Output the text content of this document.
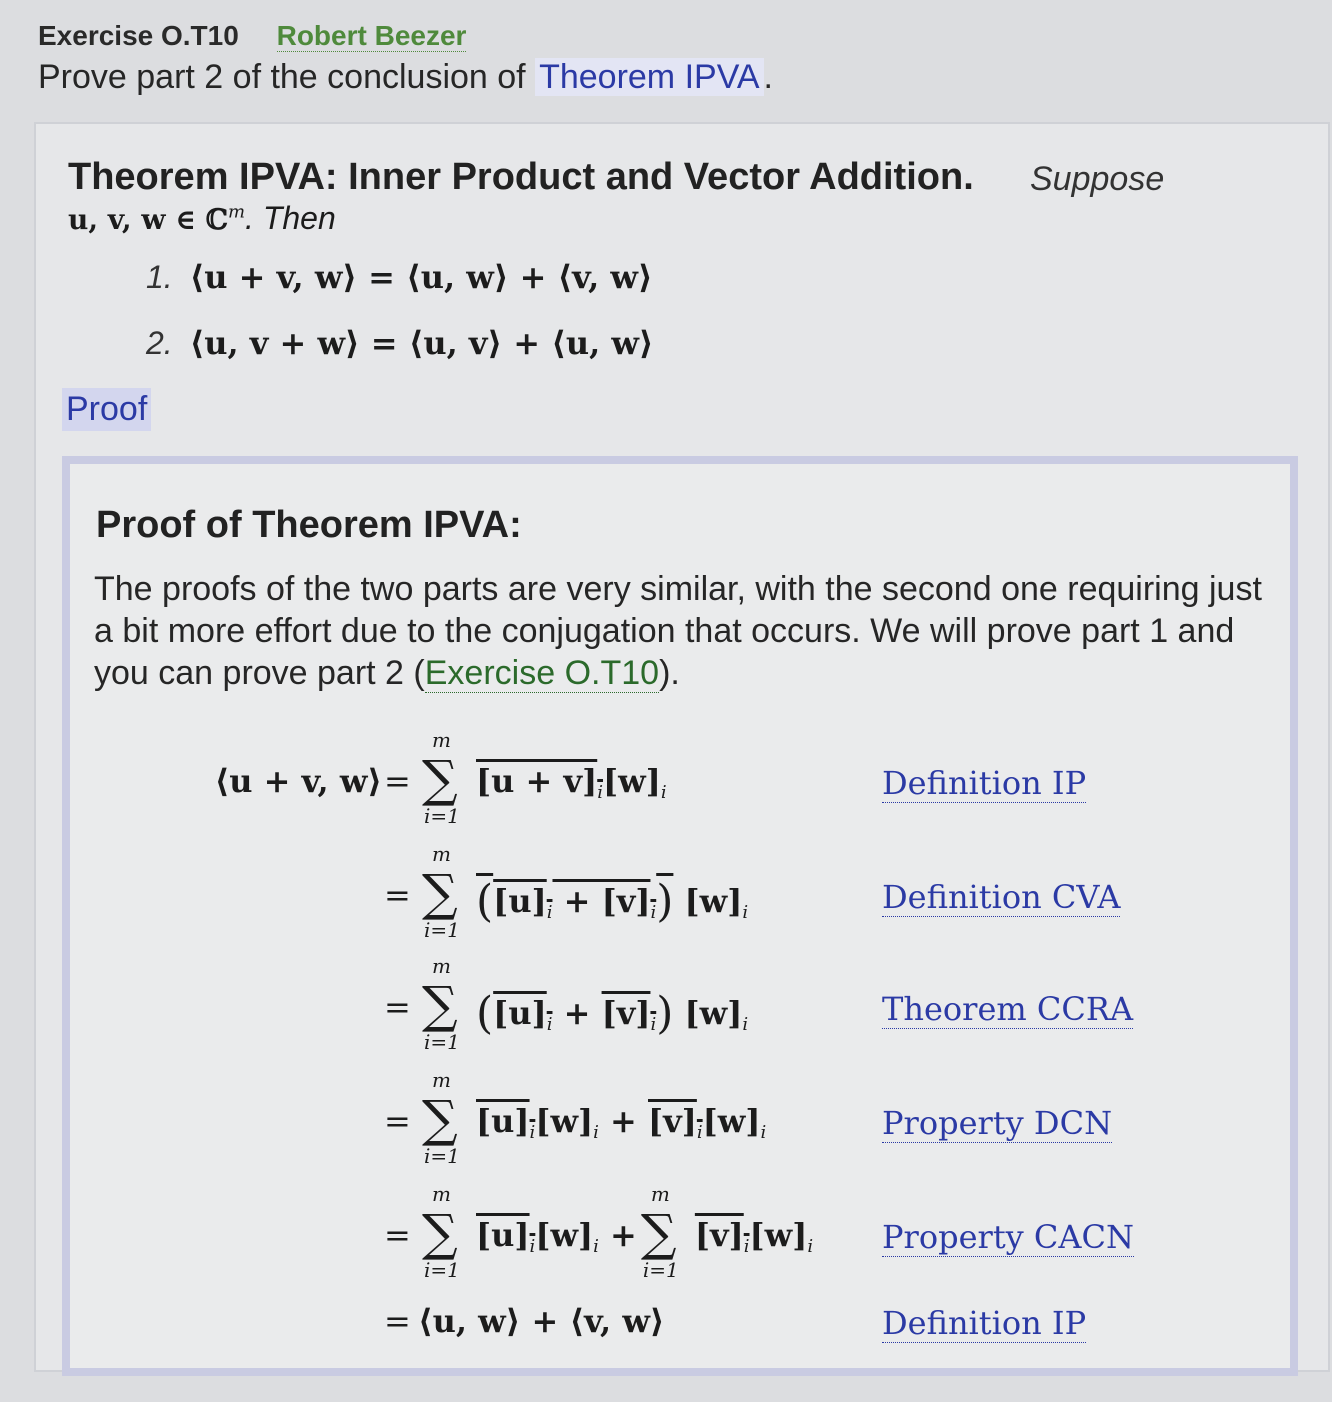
Exercise O.T10 Robert Beezer
Prove part 2 of the conclusion of Theorem IPVA .
Theorem IPVA: Inner Product and Vector Addition. Suppose
u, v, w ∈ ℂ$^m$. Then
1. ⟨u + v, w⟩ = ⟨u, w⟩ + ⟨v, w⟩
2. ⟨u, v + w⟩ = ⟨u, v⟩ + ⟨u, w⟩
Proof
Proof of Theorem IPVA:
The proofs of the two parts are very similar, with the second one requiring just a bit more effort due to the conjugation that occurs. We will prove part 1 and you can prove part 2 (Exercise O.T10).
⟨u + v, w⟩ =
m
∑
i=1
$[u + v]_i[w]_i$	Definition IP
=
m
∑
i=1
$([u]_i + [v]_i)$ $[w]_i$	Definition CVA
=
m
∑
i=1
$([u]_i + [v]_i)$ $[w]_i$	Theorem CCRA
=
m
∑
i=1
$[u]_i[w]_i + [v]_i[w]_i$	Property DCN
=
m
∑
i=1
$[u]_i[w]_i$ +
m
∑
i=1
$[v]_i[w]_i$ Property CACN
= ⟨u, w⟩ + ⟨v, w⟩	Definition IP
